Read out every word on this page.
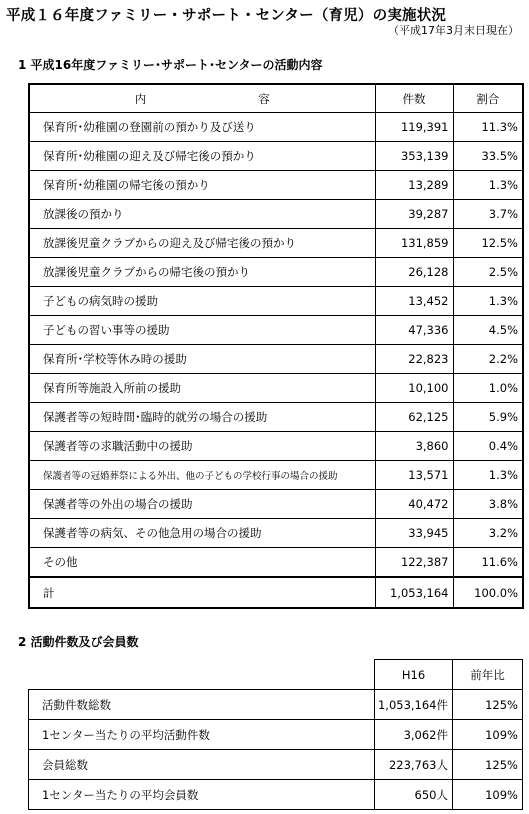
平成１６年度ファミリー・サポート・センター（育児）の実施状況
（平成17年3月末日現在）
1 平成16年度ファミリー･サポート･センターの活動内容
内 容	件数	割合
保育所･幼稚園の登園前の預かり及び送り	119,391	11.3%
保育所･幼稚園の迎え及び帰宅後の預かり	353,139	33.5%
保育所･幼稚園の帰宅後の預かり	13,289	1.3%
放課後の預かり	39,287	3.7%
放課後児童クラブからの迎え及び帰宅後の預かり	131,859	12.5%
放課後児童クラブからの帰宅後の預かり	26,128	2.5%
子どもの病気時の援助	13,452	1.3%
子どもの習い事等の援助	47,336	4.5%
保育所･学校等休み時の援助	22,823	2.2%
保育所等施設入所前の援助	10,100	1.0%
保護者等の短時間･臨時的就労の場合の援助	62,125	5.9%
保護者等の求職活動中の援助	3,860	0.4%
保護者等の冠婚葬祭による外出、他の子どもの学校行事の場合の援助	13,571	1.3%
保護者等の外出の場合の援助	40,472	3.8%
保護者等の病気、その他急用の場合の援助	33,945	3.2%
その他	122,387	11.6%
計	1,053,164	100.0%
2 活動件数及び会員数
	H16	前年比
活動件数総数	1,053,164件	125%
1センター当たりの平均活動件数	3,062件	109%
会員総数	223,763人	125%
1センター当たりの平均会員数	650人	109%
